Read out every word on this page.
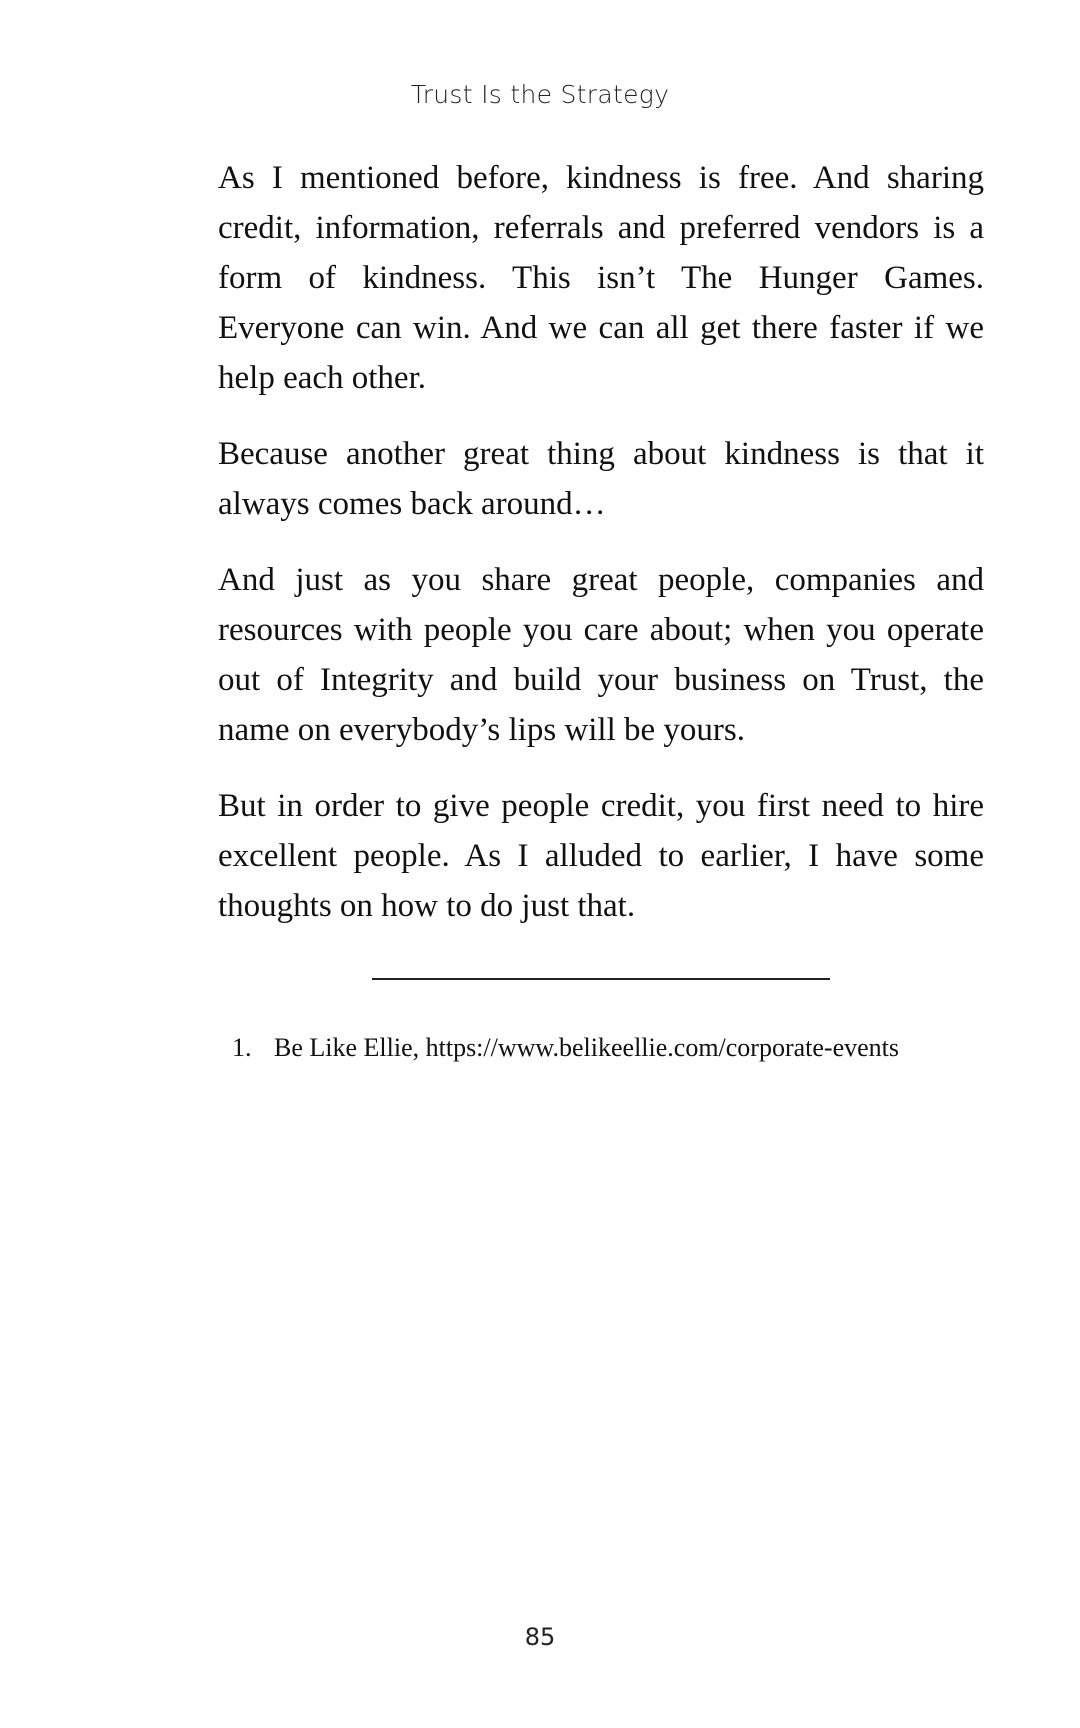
Trust Is the Strategy

As I mentioned before, kindness is free. And sharing credit, information, referrals and preferred vendors is a form of kindness. This isn’t The Hunger Games. Everyone can win. And we can all get there faster if we help each other.

Because another great thing about kindness is that it always comes back around…

And just as you share great people, companies and resources with people you care about; when you operate out of Integrity and build your business on Trust, the name on everybody’s lips will be yours.

But in order to give people credit, you first need to hire excellent people. As I alluded to earlier, I have some thoughts on how to do just that.

1. Be Like Ellie, https://www.belikeellie.com/corporate-events
85
